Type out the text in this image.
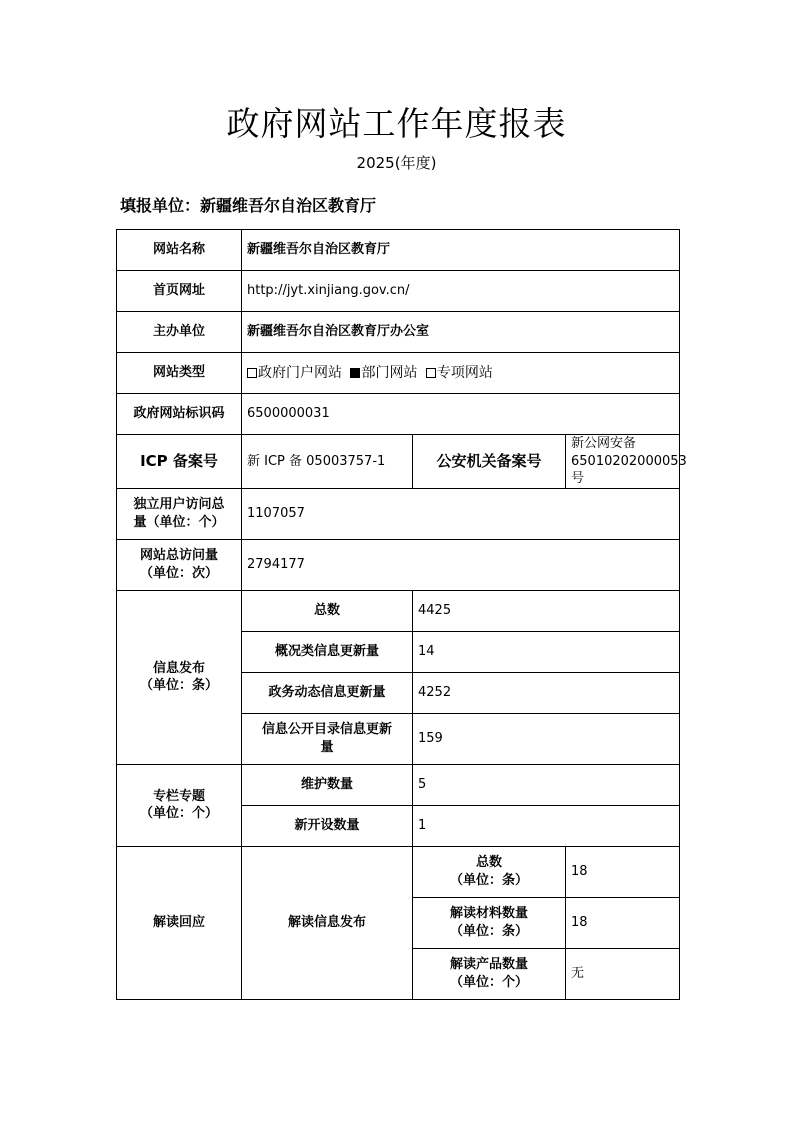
政府网站工作年度报表
2025(年度)
填报单位：新疆维吾尔自治区教育厅
网站名称	新疆维吾尔自治区教育厅		
首页网址	http://jyt.xinjiang.gov.cn/		
主办单位	新疆维吾尔自治区教育厅办公室		
网站类型	政府门户网站 部门网站 专项网站		
政府网站标识码	6500000031		
ICP 备案号	新 ICP 备 05003757-1	公安机关备案号	新公网安备
65010202000053 号
独立用户访问总
量（单位：个）	1107057		
网站总访问量
（单位：次）	2794177		
信息发布
（单位：条）	总数	4425	
	概况类信息更新量	14	
	政务动态信息更新量	4252	
	信息公开目录信息更新
量	159	
专栏专题
（单位：个）	维护数量	5	
	新开设数量	1	
解读回应	解读信息发布	总数
（单位：条）	18
		解读材料数量
（单位：条）	18
		解读产品数量
（单位：个）	无
